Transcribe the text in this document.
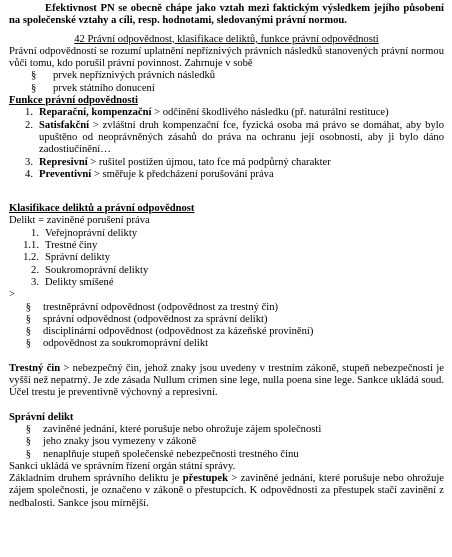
Efektivnost PN se obecně chápe jako vztah mezi faktickým výsledkem jejího působení na společenské vztahy a cíli, resp. hodnotami, sledovanými právní normou.

42 Právní odpovědnost, klasifikace deliktů, funkce právní odpovědnosti

Právní odpovědností se rozumí uplatnění nepříznivých právních následků stanovených právní normou vůči tomu, kdo porušil právní povinnost. Zahrnuje v sobě

§	prvek nepříznivých právních následků
§	prvek státního donucení

Funkce právní odpovědnosti

1. Reparační, kompenzační > odčinění škodlivého následku (př. naturální restituce)
2. Satisfakční > zvláštní druh kompenzační fce, fyzická osoba má právo se domáhat, aby bylo upuštěno od neoprávněných zásahů do práva na ochranu její osobnosti, aby ji bylo dáno zadostiučinění…
3. Represivní > rušitel postižen újmou, tato fce má podpůrný charakter
4. Preventivní > směřuje k předcházení porušování práva

Klasifikace deliktů a právní odpovědnost

Delikt = zaviněné porušení práva

1. Veřejnoprávní delikty
1.1. Trestné činy
1.2. Správní delikty
2. Soukromoprávní delikty
3. Delikty smíšené

>

§	trestněprávní odpovědnost (odpovědnost za trestný čin)
§	správní odpovědnost (odpovědnost za správní delikt)
§	disciplinární odpovědnost (odpovědnost za kázeňské provinění)
§	odpovědnost za soukromoprávní delikt

Trestný čin > nebezpečný čin, jehož znaky jsou uvedeny v trestním zákoně, stupeň nebezpečnosti je vyšší než nepatrný. Je zde zásada Nullum crimen sine lege, nulla poena sine lege. Sankce ukládá soud. Účel trestu je preventivně výchovný a represivní.

Správní delikt

§	zaviněné jednání, které porušuje nebo ohrožuje zájem společnosti
§	jeho znaky jsou vymezeny v zákoně
§	nenaplňuje stupeň společenské nebezpečnosti trestného činu

Sankci ukládá ve správním řízení orgán státní správy.

Základním druhem správního deliktu je přestupek > zaviněné jednání, které porušuje nebo ohrožuje zájem společnosti, je označeno v zákoně o přestupcích. K odpovědnosti za přestupek stačí zavinění z nedbalosti. Sankce jsou mírnější.
